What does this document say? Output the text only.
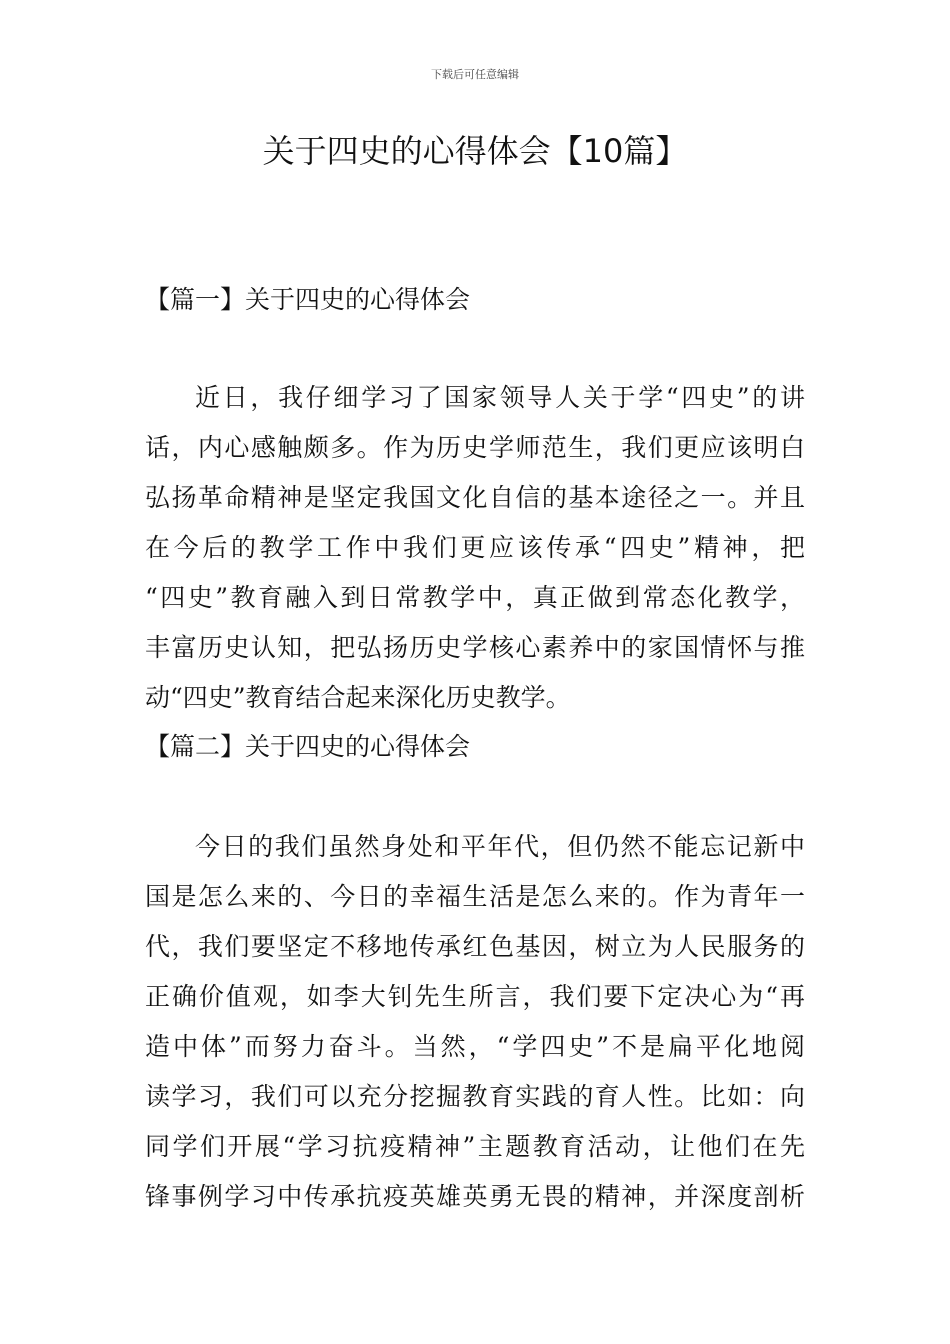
下载后可任意编辑
关于四史的心得体会【10篇】
【篇一】关于四史的心得体会
近日，我仔细学习了国家领导人关于学“四史”的讲
话，内心感触颇多。作为历史学师范生，我们更应该明白
弘扬革命精神是坚定我国文化自信的基本途径之一。并且
在今后的教学工作中我们更应该传承“四史”精神，把
“四史”教育融入到日常教学中，真正做到常态化教学，
丰富历史认知，把弘扬历史学核心素养中的家国情怀与推
动“四史”教育结合起来深化历史教学。
【篇二】关于四史的心得体会
今日的我们虽然身处和平年代，但仍然不能忘记新中
国是怎么来的、今日的幸福生活是怎么来的。作为青年一
代，我们要坚定不移地传承红色基因，树立为人民服务的
正确价值观，如李大钊先生所言，我们要下定决心为“再
造中体”而努力奋斗。当然，“学四史”不是扁平化地阅
读学习，我们可以充分挖掘教育实践的育人性。比如：向
同学们开展“学习抗疫精神”主题教育活动，让他们在先
锋事例学习中传承抗疫英雄英勇无畏的精神，并深度剖析
